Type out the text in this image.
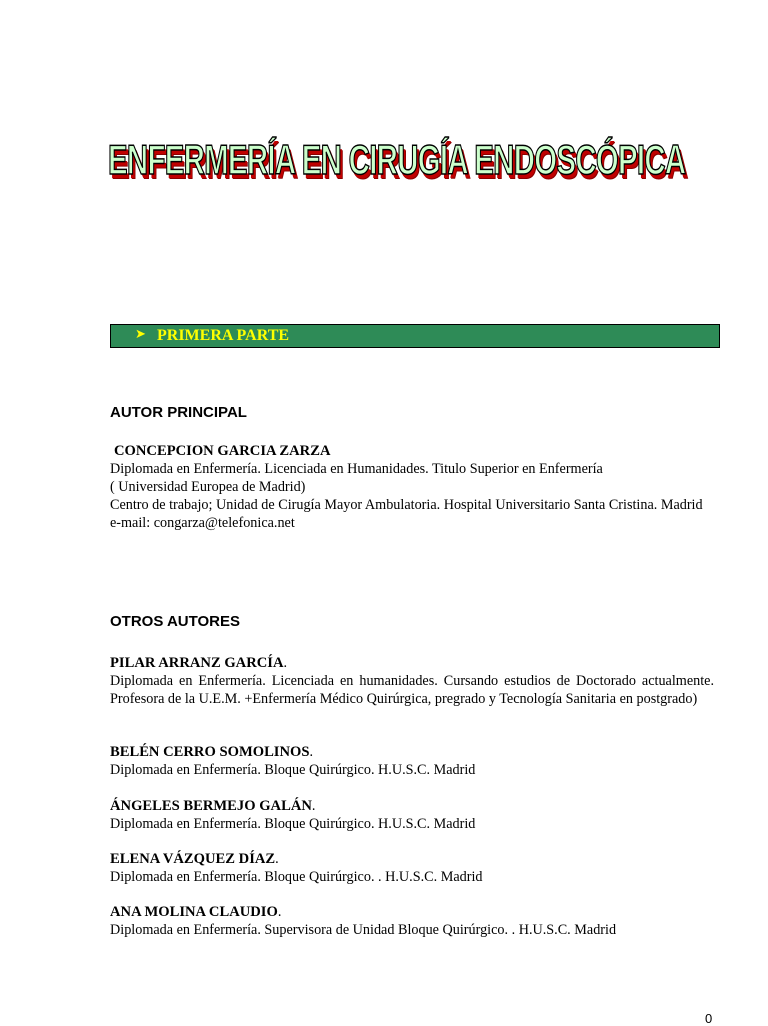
ENFERMERÍA EN CIRUGÍA ENDOSCÓPICA
➤ PRIMERA PARTE
AUTOR PRINCIPAL

CONCEPCION GARCIA ZARZA

Diplomada en Enfermería. Licenciada en Humanidades. Titulo Superior en Enfermería

( Universidad Europea de Madrid)

Centro de trabajo; Unidad de Cirugía Mayor Ambulatoria. Hospital Universitario Santa Cristina. Madrid

e-mail: congarza@telefonica.net

OTROS AUTORES

PILAR ARRANZ GARCÍA.

Diplomada en Enfermería. Licenciada en humanidades. Cursando estudios de Doctorado actualmente. Profesora de la U.E.M. +Enfermería Médico Quirúrgica, pregrado y Tecnología Sanitaria en postgrado)

BELÉN CERRO SOMOLINOS.

Diplomada en Enfermería. Bloque Quirúrgico. H.U.S.C. Madrid

ÁNGELES BERMEJO GALÁN.

Diplomada en Enfermería. Bloque Quirúrgico. H.U.S.C. Madrid

ELENA VÁZQUEZ DÍAZ.

Diplomada en Enfermería. Bloque Quirúrgico. . H.U.S.C. Madrid

ANA MOLINA CLAUDIO.

Diplomada en Enfermería. Supervisora de Unidad Bloque Quirúrgico. . H.U.S.C. Madrid

0
